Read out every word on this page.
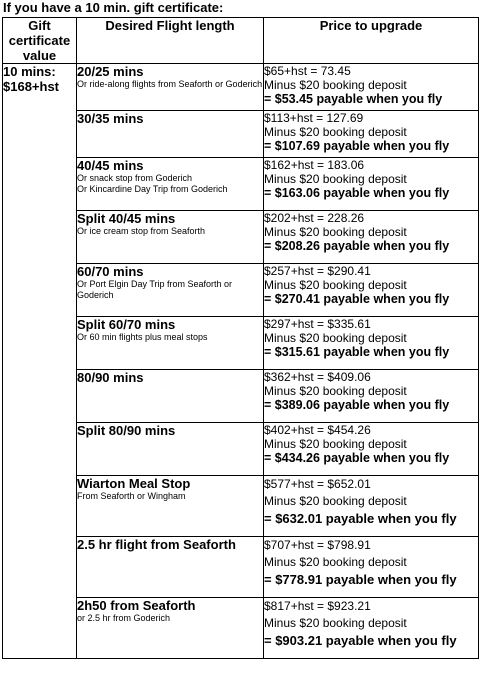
If you have a 10 min. gift certificate:
Gift certificate value	Desired Flight length	Price to upgrade

10 mins:
$168+hst	20/25 mins
Or ride-along flights from Seaforth or Goderich	$65+hst = 73.45
Minus $20 booking deposit
= $53.45 payable when you fly

	30/35 mins	$113+hst = 127.69
Minus $20 booking deposit
= $107.69 payable when you fly

	40/45 mins
Or snack stop from Goderich
Or Kincardine Day Trip from Goderich	$162+hst = 183.06
Minus $20 booking deposit
= $163.06 payable when you fly

	Split 40/45 mins
Or ice cream stop from Seaforth	$202+hst = 228.26
Minus $20 booking deposit
= $208.26 payable when you fly

	60/70 mins
Or Port Elgin Day Trip from Seaforth or Goderich	$257+hst = $290.41
Minus $20 booking deposit
= $270.41 payable when you fly

	Split 60/70 mins
Or 60 min flights plus meal stops	$297+hst = $335.61
Minus $20 booking deposit
= $315.61 payable when you fly

	80/90 mins	$362+hst = $409.06
Minus $20 booking deposit
= $389.06 payable when you fly

	Split 80/90 mins	$402+hst = $454.26
Minus $20 booking deposit
= $434.26 payable when you fly

	Wiarton Meal Stop
From Seaforth or Wingham	$577+hst = $652.01
Minus $20 booking deposit
= $632.01 payable when you fly

	2.5 hr flight from Seaforth	$707+hst = $798.91
Minus $20 booking deposit
= $778.91 payable when you fly

	2h50 from Seaforth
or 2.5 hr from Goderich	$817+hst = $923.21
Minus $20 booking deposit
= $903.21 payable when you fly
